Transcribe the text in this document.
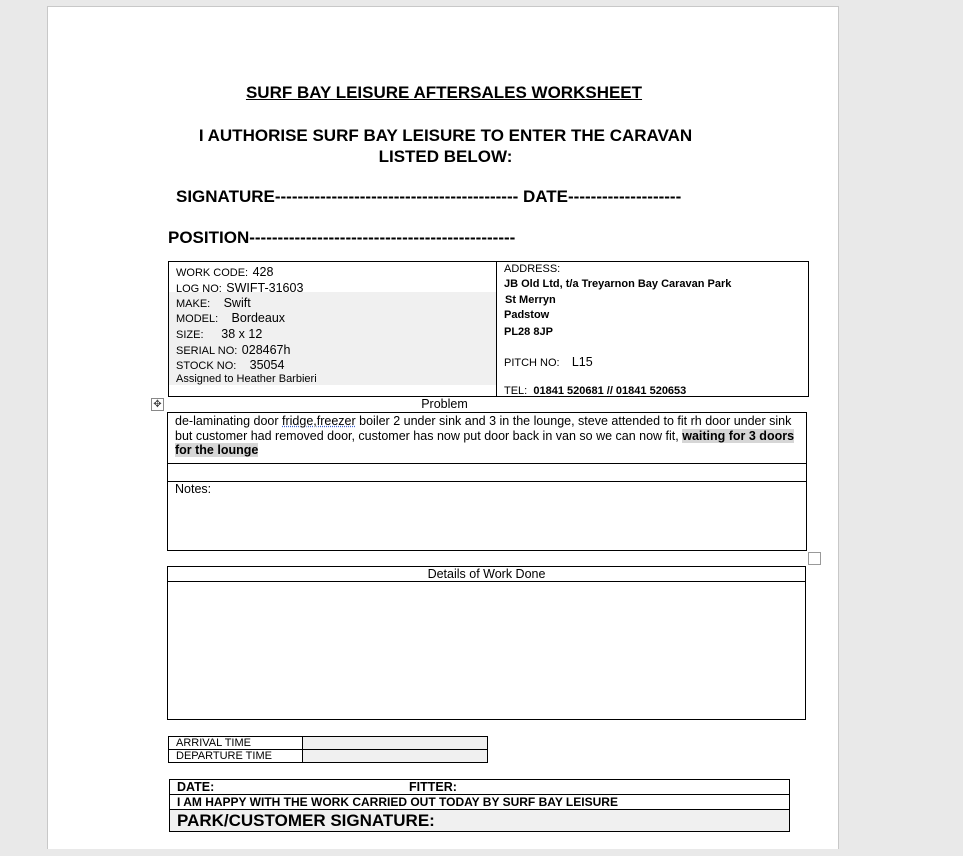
SURF BAY LEISURE AFTERSALES WORKSHEET
I AUTHORISE SURF BAY LEISURE TO ENTER THE CARAVAN LISTED BELOW:
SIGNATURE------------------------------------------- DATE--------------------
POSITION-----------------------------------------------
WORK CODE: 428
LOG NO: SWIFT-31603
MAKE: Swift
MODEL: Bordeaux
SIZE: 38 x 12
SERIAL NO: 028467h
STOCK NO: 35054
Assigned to Heather Barbieri
ADDRESS:
JB Old Ltd, t/a Treyarnon Bay Caravan Park
St Merryn
Padstow
PL28 8JP
PITCH NO: L15
TEL: 01841 520681 // 01841 520653
✥	Problem
de-laminating door fridge,freezer boiler 2 under sink and 3 in the lounge, steve attended to fit rh door under sink but customer had removed door, customer has now put door back in van so we can now fit, waiting for 3 doors for the lounge
Notes:
Details of Work Done
ARRIVAL TIME	
DEPARTURE TIME	
DATE:	FITTER:
I AM HAPPY WITH THE WORK CARRIED OUT TODAY BY SURF BAY LEISURE
PARK/CUSTOMER SIGNATURE:
